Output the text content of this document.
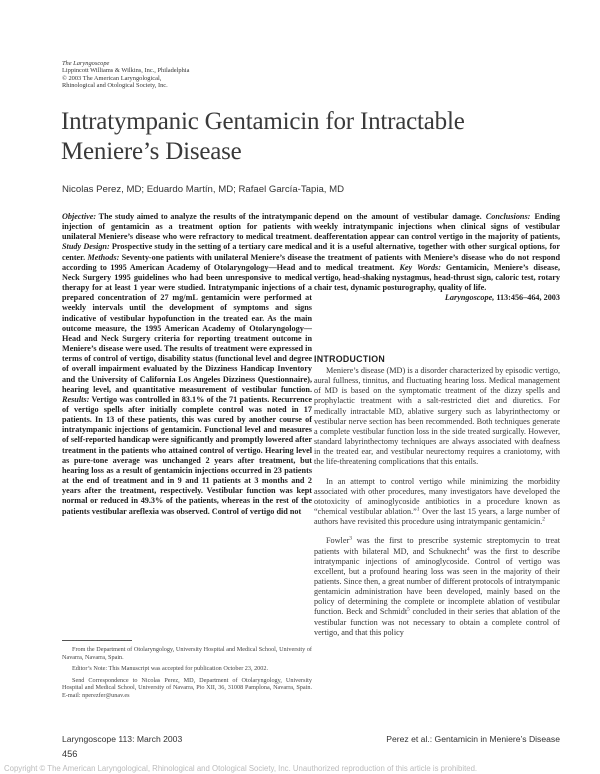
The Laryngoscope
Lippincott Williams & Wilkins, Inc., Philadelphia
© 2003 The American Laryngological,
Rhinological and Otological Society, Inc.
Intratympanic Gentamicin for Intractable Meniere’s Disease
Nicolas Perez, MD; Eduardo Martín, MD; Rafael García-Tapia, MD
Objective: The study aimed to analyze the results of the intratympanic injection of gentamicin as a treatment option for patients with unilateral Meniere’s disease who were refractory to medical treatment. Study Design: Prospective study in the setting of a tertiary care medical center. Methods: Seventy-one patients with unilateral Meniere’s disease according to 1995 American Academy of Otolaryngology—Head and Neck Surgery 1995 guidelines who had been unresponsive to medical therapy for at least 1 year were studied. Intratympanic injections of a prepared concentration of 27 mg/mL gentamicin were performed at weekly intervals until the development of symptoms and signs indicative of vestibular hypofunction in the treated ear. As the main outcome measure, the 1995 American Academy of Otolaryngology—Head and Neck Surgery criteria for reporting treatment outcome in Meniere’s disease were used. The results of treatment were expressed in terms of control of vertigo, disability status (functional level and degree of overall impairment evaluated by the Dizziness Handicap Inventory and the University of California Los Angeles Dizziness Questionnaire), hearing level, and quantitative measurement of vestibular function. Results: Vertigo was controlled in 83.1% of the 71 patients. Recurrence of vertigo spells after initially complete control was noted in 17 patients. In 13 of these patients, this was cured by another course of intratympanic injections of gentamicin. Functional level and measures of self-reported handicap were significantly and promptly lowered after treatment in the patients who attained control of vertigo. Hearing level as pure-tone average was unchanged 2 years after treatment, but hearing loss as a result of gentamicin injections occurred in 23 patients at the end of treatment and in 9 and 11 patients at 3 months and 2 years after the treatment, respectively. Vestibular function was kept normal or reduced in 49.3% of the patients, whereas in the rest of the patients vestibular areflexia was observed. Control of vertigo did not
depend on the amount of vestibular damage. Conclusions: Ending weekly intratympanic injections when clinical signs of vestibular deafferentation appear can control vertigo in the majority of patients, and it is a useful alternative, together with other surgical options, for the treatment of patients with Meniere’s disease who do not respond to medical treatment. Key Words: Gentamicin, Meniere’s disease, vertigo, head-shaking nystagmus, head-thrust sign, caloric test, rotary chair test, dynamic posturography, quality of life.
Laryngoscope, 113:456–464, 2003
INTRODUCTION

Meniere’s disease (MD) is a disorder characterized by episodic vertigo, aural fullness, tinnitus, and fluctuating hearing loss. Medical management of MD is based on the symptomatic treatment of the dizzy spells and prophylactic treatment with a salt-restricted diet and diuretics. For medically intractable MD, ablative surgery such as labyrinthectomy or vestibular nerve section has been recommended. Both techniques generate a complete vestibular function loss in the side treated surgically. However, standard labyrinthectomy techniques are always associated with deafness in the treated ear, and vestibular neurectomy requires a craniotomy, with the life-threatening complications that this entails.

In an attempt to control vertigo while minimizing the morbidity associated with other procedures, many investigators have developed the ototoxicity of aminoglycoside antibiotics in a procedure known as “chemical vestibular ablation.”$^1$ Over the last 15 years, a large number of authors have revisited this procedure using intratympanic gentamicin.$^2$

Fowler$^3$ was the first to prescribe systemic streptomycin to treat patients with bilateral MD, and Schuknecht$^4$ was the first to describe intratympanic injections of aminoglycoside. Control of vertigo was excellent, but a profound hearing loss was seen in the majority of their patients. Since then, a great number of different protocols of intratympanic gentamicin administration have been developed, mainly based on the policy of determining the complete or incomplete ablation of vestibular function. Beck and Schmidt$^5$ concluded in their series that ablation of the vestibular function was not necessary to obtain a complete control of vertigo, and that this policy

From the Department of Otolaryngology, University Hospital and Medical School, University of Navarra, Navarra, Spain.

Editor’s Note: This Manuscript was accepted for publication October 23, 2002.

Send Correspondence to Nicolas Perez, MD, Department of Otolaryngology, University Hospital and Medical School, University of Navarra, Pio XII, 36, 31008 Pamplona, Navarra, Spain. E-mail: nperezfer@unav.es

Laryngoscope 113: March 2003	Perez et al.: Gentamicin in Meniere’s Disease
456
Copyright © The American Laryngological, Rhinological and Otological Society, Inc. Unauthorized reproduction of this article is prohibited.
